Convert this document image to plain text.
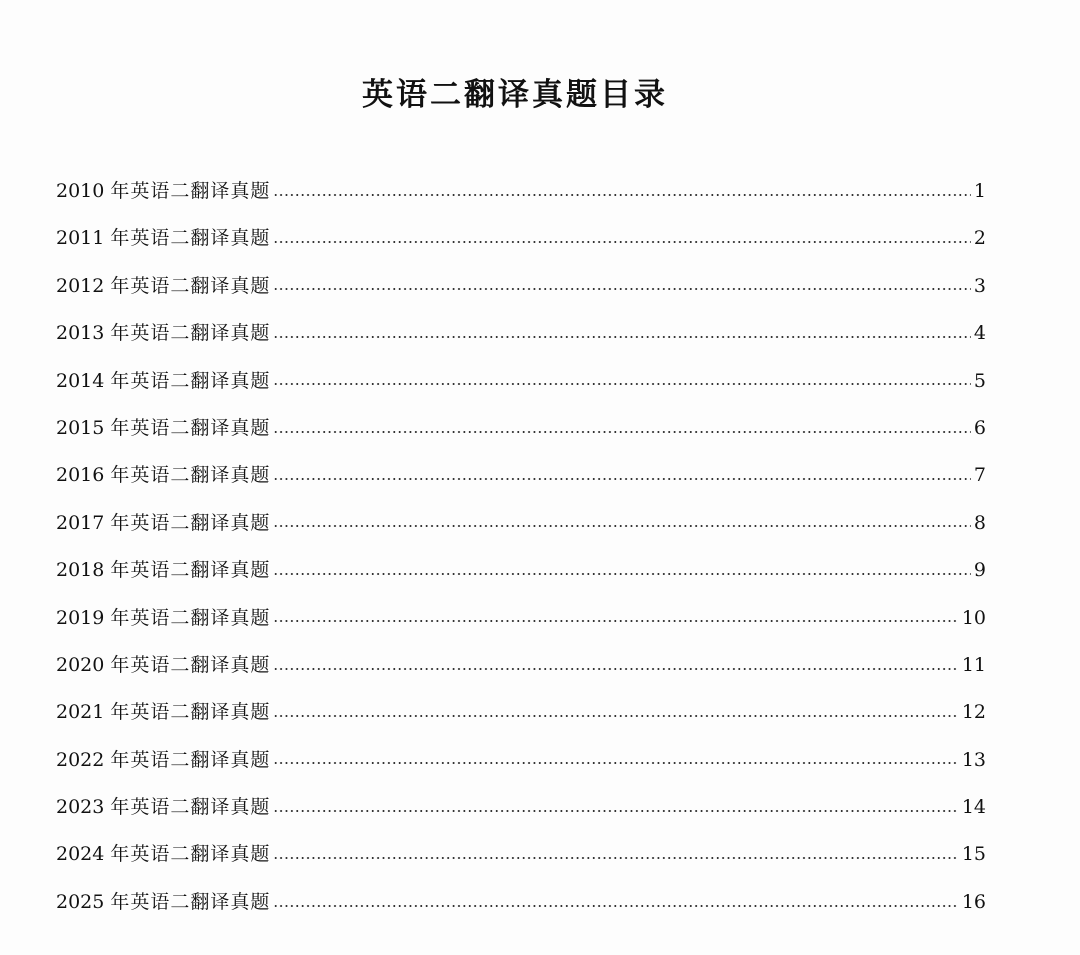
英语二翻译真题目录
2010 年英语二翻译真题	1
2011 年英语二翻译真题	2
2012 年英语二翻译真题	3
2013 年英语二翻译真题	4
2014 年英语二翻译真题	5
2015 年英语二翻译真题	6
2016 年英语二翻译真题	7
2017 年英语二翻译真题	8
2018 年英语二翻译真题	9
2019 年英语二翻译真题	10
2020 年英语二翻译真题	11
2021 年英语二翻译真题	12
2022 年英语二翻译真题	13
2023 年英语二翻译真题	14
2024 年英语二翻译真题	15
2025 年英语二翻译真题	16
